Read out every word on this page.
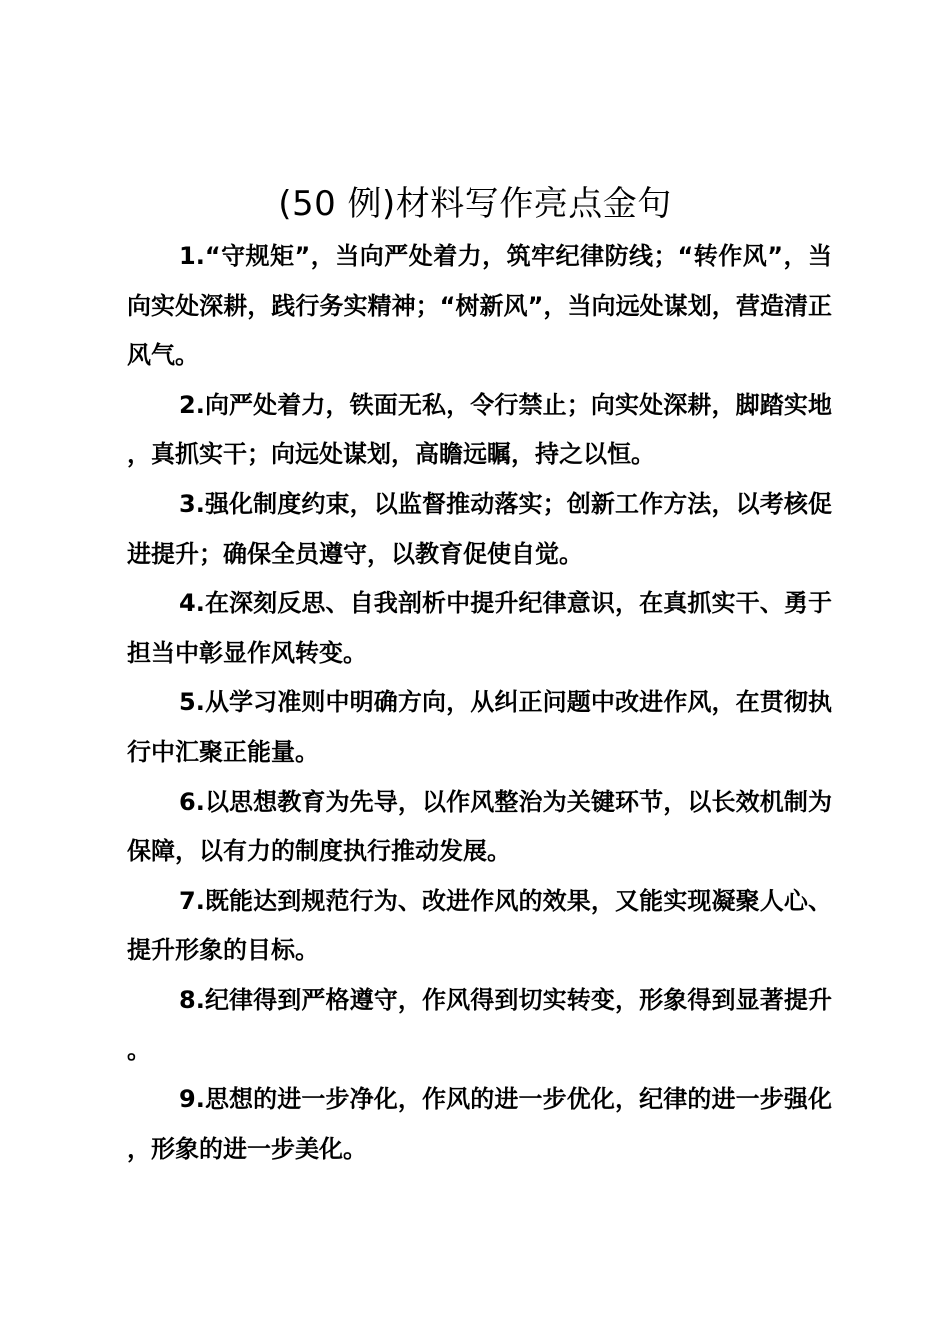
(50 例)材料写作亮点金句

1.“守规矩”，当向严处着力，筑牢纪律防线；“转作风”，当向实处深耕，践行务实精神；“树新风”，当向远处谋划，营造清正风气。

2.向严处着力，铁面无私，令行禁止；向实处深耕，脚踏实地，真抓实干；向远处谋划，高瞻远瞩，持之以恒。

3.强化制度约束，以监督推动落实；创新工作方法，以考核促进提升；确保全员遵守，以教育促使自觉。

4.在深刻反思、自我剖析中提升纪律意识，在真抓实干、勇于担当中彰显作风转变。

5.从学习准则中明确方向，从纠正问题中改进作风，在贯彻执行中汇聚正能量。

6.以思想教育为先导，以作风整治为关键环节，以长效机制为保障，以有力的制度执行推动发展。

7.既能达到规范行为、改进作风的效果，又能实现凝聚人心、提升形象的目标。

8.纪律得到严格遵守，作风得到切实转变，形象得到显著提升。

9.思想的进一步净化，作风的进一步优化，纪律的进一步强化，形象的进一步美化。
